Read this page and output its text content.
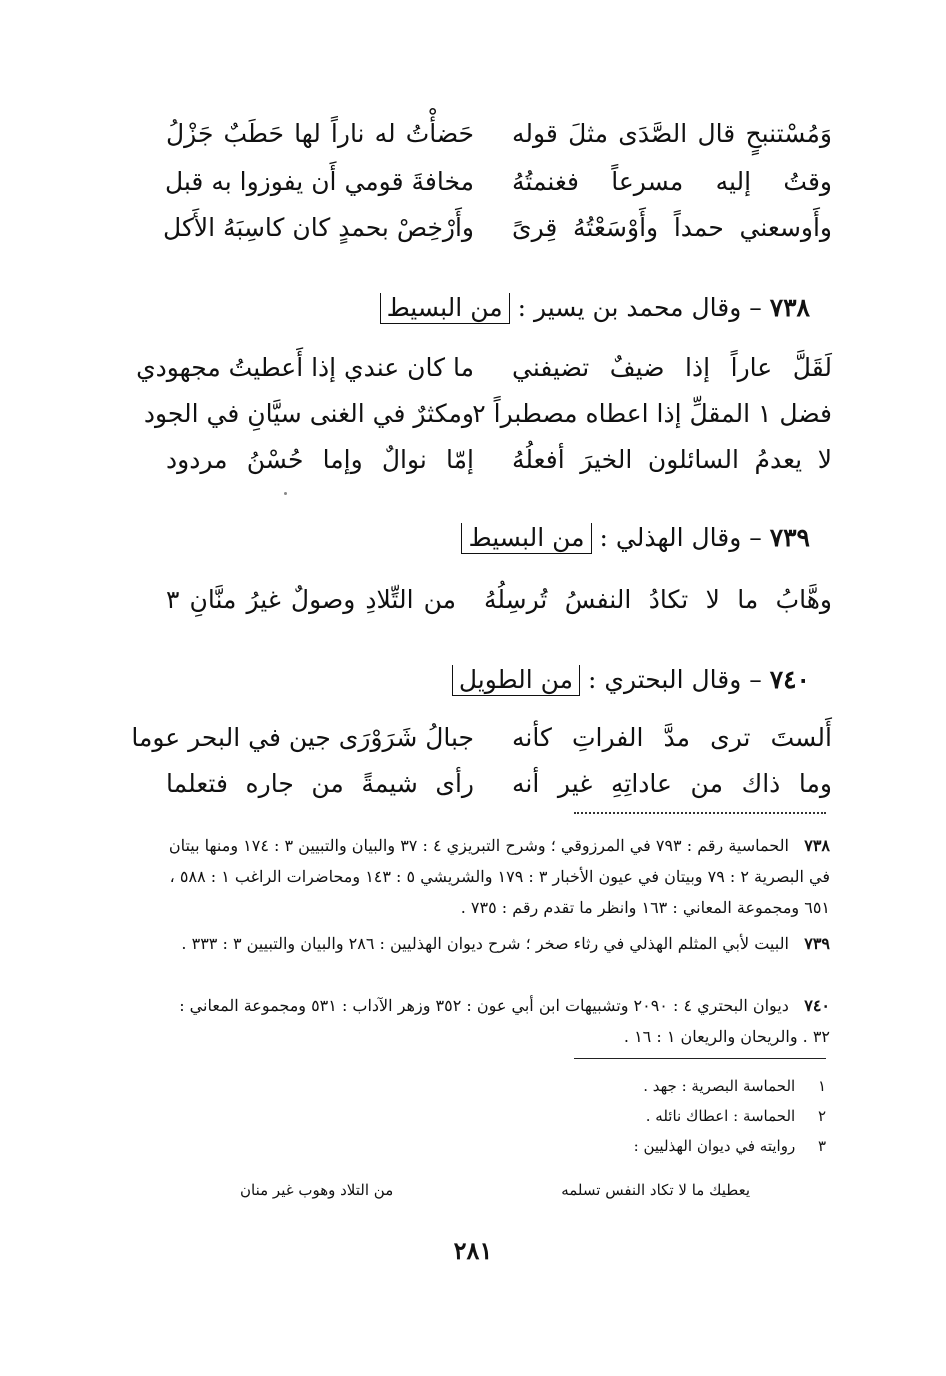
وَمُسْتنبحٍ قال الصَّدَى مثلَ قوله
حَضأْتُ له ناراً لها حَطَبٌ جَزْلُ
وقتُ إليه مسرعاً فغنمتُهُ
مخافةَ قومي أَن يفوزوا به قبل
وأَوسعني حمداً وأَوْسَعْتُهُ قِرىً
وأَرْخِصْ بحمدٍ كان كاسِبَهُ الأَكل
٧٣٨ – وقال محمد بن يسير : من البسيط
لَقَلَّ عاراً إذا ضيفٌ تضيفني
ما كان عندي إذا أَعطيتُ مجهودي
فضل ١ المقلِّ إذا اعطاه مصطبراً ٢
ومكثرٌ في الغنى سيَّانِ في الجود
لا يعدمُ السائلون الخيرَ أفعلُهُ
إمّا نوالٌ وإما حُسْنُ مردود
٧٣٩ – وقال الهذلي : من البسيط
وهَّابُ ما لا تكادُ النفسُ تُرسِلُهُ
من التِّلادِ وصولٌ غيرُ منَّانِ ٣
٧٤٠ – وقال البحتري : من الطويل
أَلستَ ترى مدَّ الفراتِ كأنه
جبالُ شَرَوْرَى جين في البحر عوما
وما ذاك من عاداتِهِ غير أنه
رأى شيمةً من جاره فتعلما
٧٣٨ الحماسية رقم : ٧٩٣ في المرزوقي ؛ وشرح التبريزي ٤ : ٣٧ والبيان والتبيين ٣ : ١٧٤ ومنها بيتان في البصرية ٢ : ٧٩ وبيتان في عيون الأخبار ٣ : ١٧٩ والشريشي ٥ : ١٤٣ ومحاضرات الراغب ١ : ٥٨٨ ، ٦٥١ ومجموعة المعاني : ١٦٣ وانظر ما تقدم رقم : ٧٣٥ .
٧٣٩ البيت لأبي المثلم الهذلي في رثاء صخر ؛ شرح ديوان الهذليين : ٢٨٦ والبيان والتبيين ٣ : ٣٣٣ .
٧٤٠ ديوان البحتري ٤ : ٢٠٩٠ وتشبيهات ابن أبي عون : ٣٥٢ وزهر الآداب : ٥٣١ ومجموعة المعاني : ٣٢ . والريحان والريعان ١ : ١٦ .
١ الحماسة البصرية : جهد .
٢ الحماسة : اعطاك نائله .
٣ روايته في ديوان الهذليين :
يعطيك ما لا تكاد النفس تسلمه
من التلاد وهوب غير منان
٢٨١
